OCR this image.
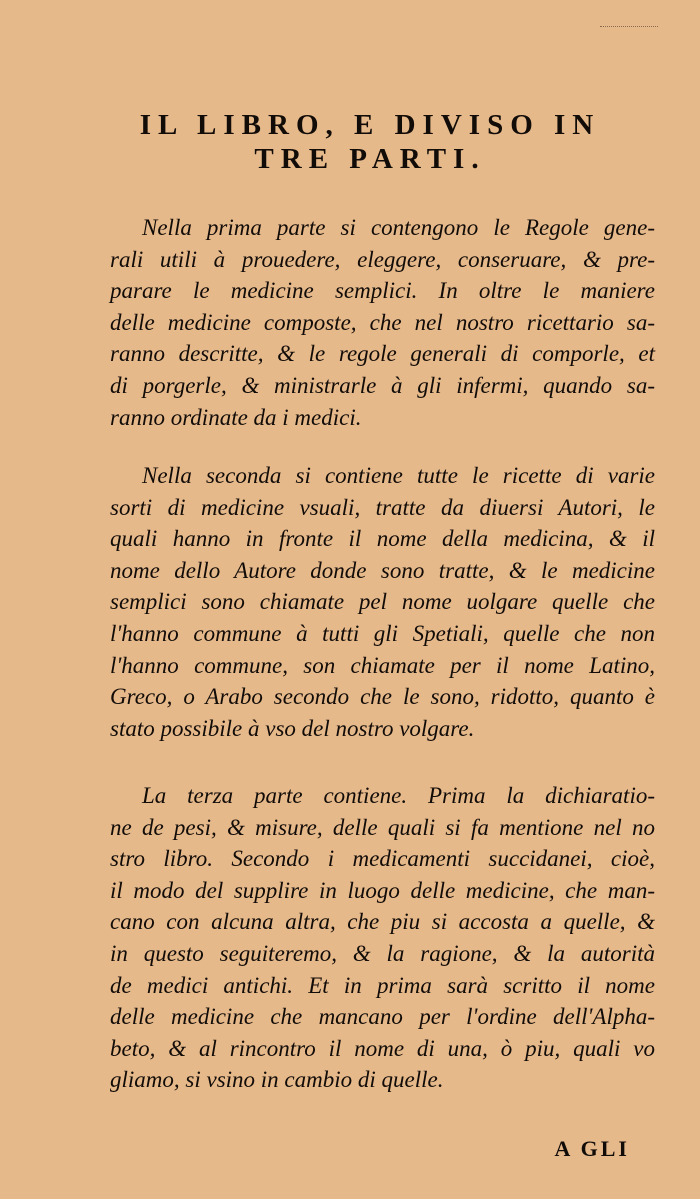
IL LIBRO, E DIVISO IN
TRE PARTI.
Nella prima parte si contengono le Regole gene-
rali utili à prouedere, eleggere, conseruare, & pre-
parare le medicine semplici. In oltre le maniere
delle medicine composte, che nel nostro ricettario sa-
ranno descritte, & le regole generali di comporle, et
di porgerle, & ministrarle à gli infermi, quando sa-
ranno ordinate da i medici.
Nella seconda si contiene tutte le ricette di varie
sorti di medicine vsuali, tratte da diuersi Autori, le
quali hanno in fronte il nome della medicina, & il
nome dello Autore donde sono tratte, & le medicine
semplici sono chiamate pel nome uolgare quelle che
l'hanno commune à tutti gli Spetiali, quelle che non
l'hanno commune, son chiamate per il nome Latino,
Greco, o Arabo secondo che le sono, ridotto, quanto è
stato possibile à vso del nostro volgare.
La terza parte contiene. Prima la dichiaratio-
ne de pesi, & misure, delle quali si fa mentione nel no
stro libro. Secondo i medicamenti succidanei, cioè,
il modo del supplire in luogo delle medicine, che man-
cano con alcuna altra, che piu si accosta a quelle, &
in questo seguiteremo, & la ragione, & la autorità
de medici antichi. Et in prima sarà scritto il nome
delle medicine che mancano per l'ordine dell'Alpha-
beto, & al rincontro il nome di una, ò piu, quali vo
gliamo, si vsino in cambio di quelle.
A GLI
